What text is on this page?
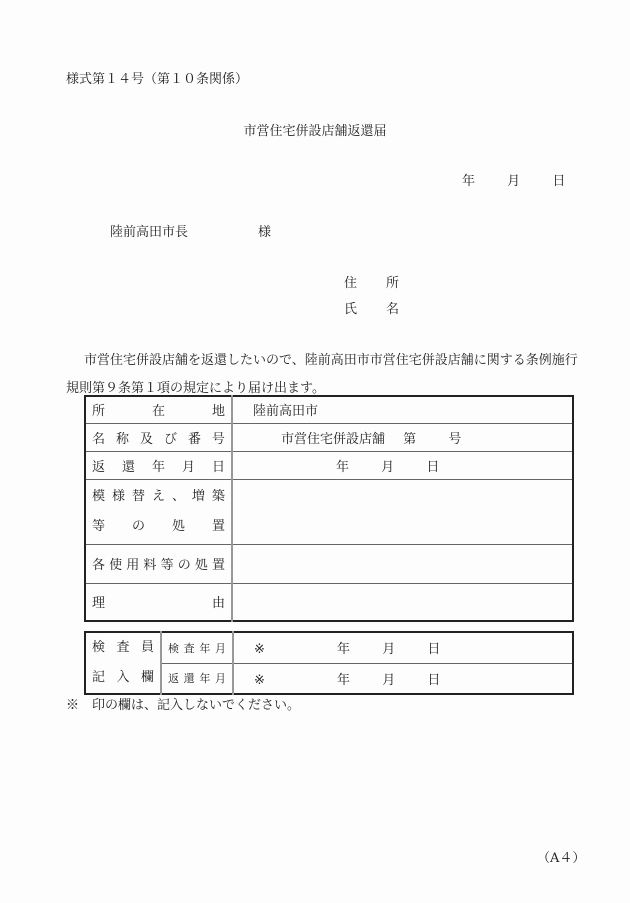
様式第１４号（第１０条関係）
市営住宅併設店舗返還届
年 月 日
陸前高田市長	様
住 所
氏 名
市営住宅併設店舗を返還したいので、陸前高田市市営住宅併設店舗に関する条例施行規則第９条第１項の規定により届け出ます。
所 在 地	陸前高田市

名 称 及 び 番 号	市営住宅併設店舗 第 号

返 還 年 月 日	年 月 日

模 様 替 え 、 増 築
等 の 処 置

各 使 用 料 等 の 処 置

理 由	

検 査 員
記 入 欄

検 査 年 月	※	年 月 日

	返 還 年 月	※ 年 月 日
※　印の欄は、記入しないでください。
（A４）
